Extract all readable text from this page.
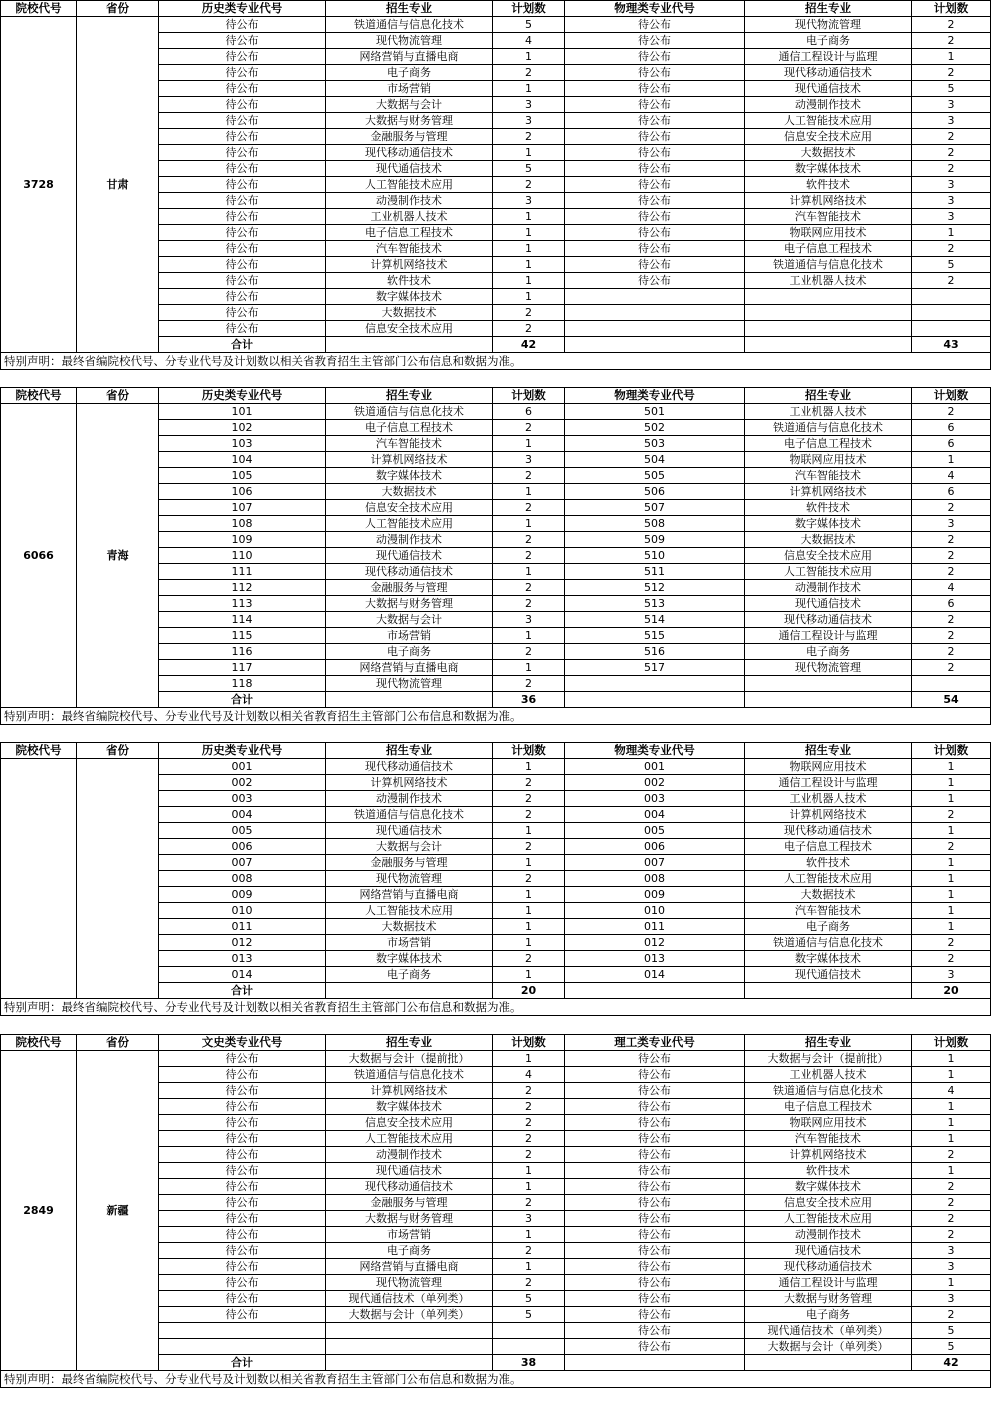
院校代号	省份	历史类专业代号	招生专业	计划数	物理类专业代号	招生专业	计划数
3728	甘肃	待公布	铁道通信与信息化技术	5	待公布	现代物流管理	2
		待公布	现代物流管理	4	待公布	电子商务	2
		待公布	网络营销与直播电商	1	待公布	通信工程设计与监理	1
		待公布	电子商务	2	待公布	现代移动通信技术	2
		待公布	市场营销	1	待公布	现代通信技术	5
		待公布	大数据与会计	3	待公布	动漫制作技术	3
		待公布	大数据与财务管理	3	待公布	人工智能技术应用	3
		待公布	金融服务与管理	2	待公布	信息安全技术应用	2
		待公布	现代移动通信技术	1	待公布	大数据技术	2
		待公布	现代通信技术	5	待公布	数字媒体技术	2
		待公布	人工智能技术应用	2	待公布	软件技术	3
		待公布	动漫制作技术	3	待公布	计算机网络技术	3
		待公布	工业机器人技术	1	待公布	汽车智能技术	3
		待公布	电子信息工程技术	1	待公布	物联网应用技术	1
		待公布	汽车智能技术	1	待公布	电子信息工程技术	2
		待公布	计算机网络技术	1	待公布	铁道通信与信息化技术	5
		待公布	软件技术	1	待公布	工业机器人技术	2
		待公布	数字媒体技术	1			
		待公布	大数据技术	2			
		待公布	信息安全技术应用	2			
		合计		42			43
特别声明：最终省编院校代号、分专业代号及计划数以相关省教育招生主管部门公布信息和数据为准。
院校代号	省份	历史类专业代号	招生专业	计划数	物理类专业代号	招生专业	计划数
6066	青海	101	铁道通信与信息化技术	6	501	工业机器人技术	2
		102	电子信息工程技术	2	502	铁道通信与信息化技术	6
		103	汽车智能技术	1	503	电子信息工程技术	6
		104	计算机网络技术	3	504	物联网应用技术	1
		105	数字媒体技术	2	505	汽车智能技术	4
		106	大数据技术	1	506	计算机网络技术	6
		107	信息安全技术应用	2	507	软件技术	2
		108	人工智能技术应用	1	508	数字媒体技术	3
		109	动漫制作技术	2	509	大数据技术	2
		110	现代通信技术	2	510	信息安全技术应用	2
		111	现代移动通信技术	1	511	人工智能技术应用	2
		112	金融服务与管理	2	512	动漫制作技术	4
		113	大数据与财务管理	2	513	现代通信技术	6
		114	大数据与会计	3	514	现代移动通信技术	2
		115	市场营销	1	515	通信工程设计与监理	2
		116	电子商务	2	516	电子商务	2
		117	网络营销与直播电商	1	517	现代物流管理	2
		118	现代物流管理	2			
		合计		36			54
特别声明：最终省编院校代号、分专业代号及计划数以相关省教育招生主管部门公布信息和数据为准。
院校代号	省份	历史类专业代号	招生专业	计划数	物理类专业代号	招生专业	计划数
		001	现代移动通信技术	1	001	物联网应用技术	1
		002	计算机网络技术	2	002	通信工程设计与监理	1
		003	动漫制作技术	2	003	工业机器人技术	1
		004	铁道通信与信息化技术	2	004	计算机网络技术	2
		005	现代通信技术	1	005	现代移动通信技术	1
		006	大数据与会计	2	006	电子信息工程技术	2
		007	金融服务与管理	1	007	软件技术	1
		008	现代物流管理	2	008	人工智能技术应用	1
		009	网络营销与直播电商	1	009	大数据技术	1
		010	人工智能技术应用	1	010	汽车智能技术	1
		011	大数据技术	1	011	电子商务	1
		012	市场营销	1	012	铁道通信与信息化技术	2
		013	数字媒体技术	2	013	数字媒体技术	2
		014	电子商务	1	014	现代通信技术	3
		合计		20			20
特别声明：最终省编院校代号、分专业代号及计划数以相关省教育招生主管部门公布信息和数据为准。
院校代号	省份	文史类专业代号	招生专业	计划数	理工类专业代号	招生专业	计划数
2849	新疆	待公布	大数据与会计（提前批）	1	待公布	大数据与会计（提前批）	1
		待公布	铁道通信与信息化技术	4	待公布	工业机器人技术	1
		待公布	计算机网络技术	2	待公布	铁道通信与信息化技术	4
		待公布	数字媒体技术	2	待公布	电子信息工程技术	1
		待公布	信息安全技术应用	2	待公布	物联网应用技术	1
		待公布	人工智能技术应用	2	待公布	汽车智能技术	1
		待公布	动漫制作技术	2	待公布	计算机网络技术	2
		待公布	现代通信技术	1	待公布	软件技术	1
		待公布	现代移动通信技术	1	待公布	数字媒体技术	2
		待公布	金融服务与管理	2	待公布	信息安全技术应用	2
		待公布	大数据与财务管理	3	待公布	人工智能技术应用	2
		待公布	市场营销	1	待公布	动漫制作技术	2
		待公布	电子商务	2	待公布	现代通信技术	3
		待公布	网络营销与直播电商	1	待公布	现代移动通信技术	3
		待公布	现代物流管理	2	待公布	通信工程设计与监理	1
		待公布	现代通信技术（单列类）	5	待公布	大数据与财务管理	3
		待公布	大数据与会计（单列类）	5	待公布	电子商务	2
					待公布	现代通信技术（单列类）	5
					待公布	大数据与会计（单列类）	5
		合计		38			42
特别声明：最终省编院校代号、分专业代号及计划数以相关省教育招生主管部门公布信息和数据为准。
